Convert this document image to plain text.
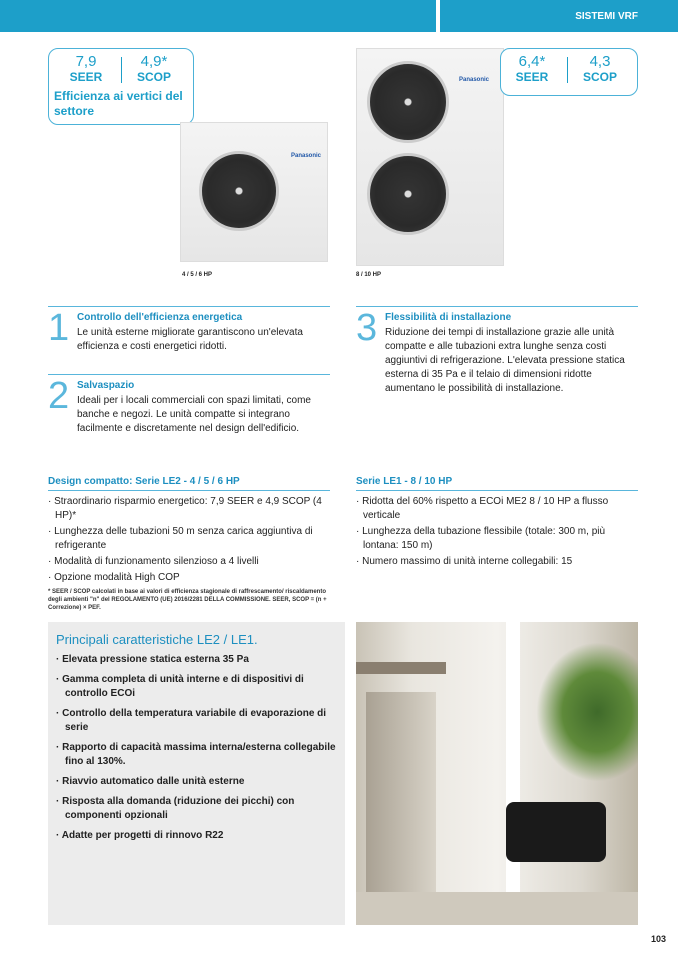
SISTEMI VRF
7,9
SEER
4,9*
SCOP
Efficienza ai vertici del settore
Panasonic
4 / 5 / 6 HP
Panasonic
8 / 10 HP
6,4*
SEER
4,3
SCOP
1 Controllo dell'efficienza energetica
Le unità esterne migliorate garantiscono un'elevata efficienza e costi energetici ridotti.
2 Salvaspazio
Ideali per i locali commerciali con spazi limitati, come banche e negozi. Le unità compatte si integrano facilmente e discretamente nel design dell'edificio.
3 Flessibilità di installazione
Riduzione dei tempi di installazione grazie alle unità compatte e alle tubazioni extra lunghe senza costi aggiuntivi di refrigerazione. L'elevata pressione statica esterna di 35 Pa e il telaio di dimensioni ridotte aumentano le possibilità di installazione.
Design compatto: Serie LE2 - 4 / 5 / 6 HP
· Straordinario risparmio energetico: 7,9 SEER e 4,9 SCOP (4 HP)*
· Lunghezza delle tubazioni 50 m senza carica aggiuntiva di refrigerante
· Modalità di funzionamento silenzioso a 4 livelli
· Opzione modalità High COP
Serie LE1 - 8 / 10 HP
· Ridotta del 60% rispetto a ECOi ME2 8 / 10 HP a flusso verticale
· Lunghezza della tubazione flessibile (totale: 300 m, più lontana: 150 m)
· Numero massimo di unità interne collegabili: 15
* SEER / SCOP calcolati in base ai valori di efficienza stagionale di raffrescamento/ riscaldamento degli ambienti "n" del REGOLAMENTO (UE) 2016/2281 DELLA COMMISSIONE. SEER, SCOP = (n + Correzione) × PEF.
Principali caratteristiche LE2 / LE1.
· Elevata pressione statica esterna 35 Pa
· Gamma completa di unità interne e di dispositivi di controllo ECOi
· Controllo della temperatura variabile di evaporazione di serie
· Rapporto di capacità massima interna/esterna collegabile fino al 130%.
· Riavvio automatico dalle unità esterne
· Risposta alla domanda (riduzione dei picchi) con componenti opzionali
· Adatte per progetti di rinnovo R22
103
